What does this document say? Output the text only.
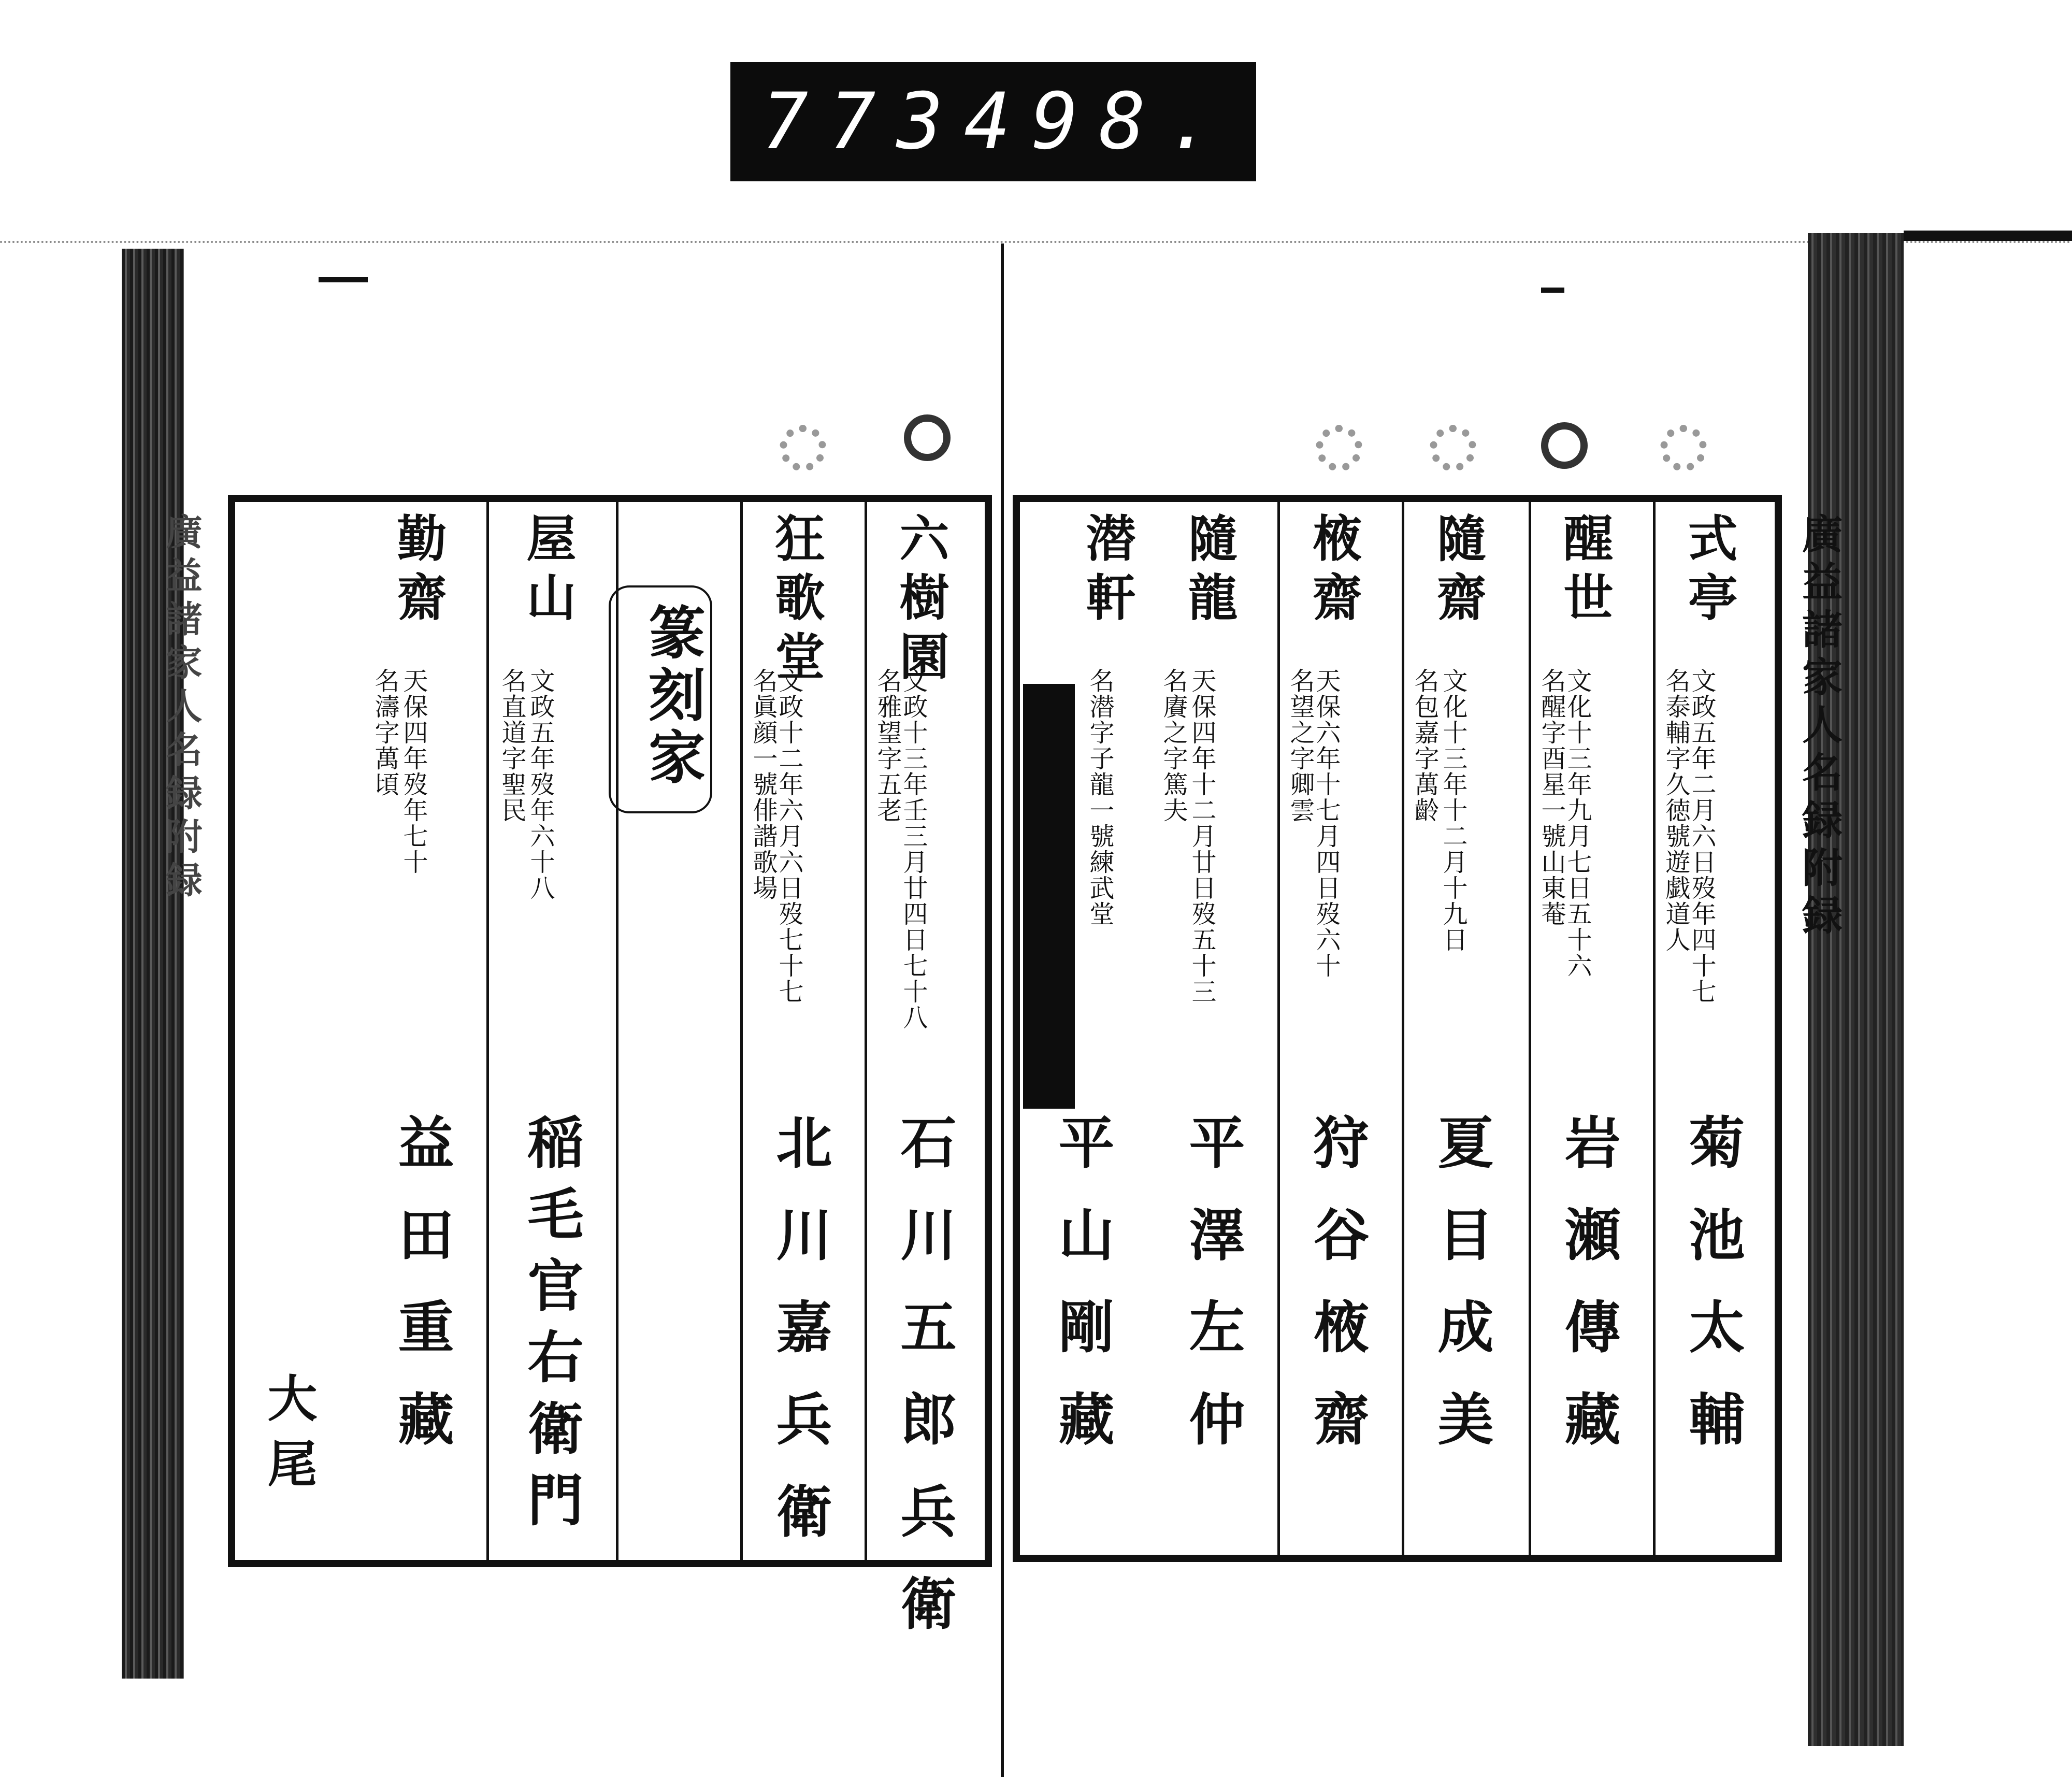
773 498.
廣益諸家人名録附録
廣益諸家人名録附録	六樹園
名雅望字五老
文政十三年壬三月廿四日七十八
石川五郎兵衛
狂歌堂
名眞顔一號俳諧歌場
文政十二年六月六日歿七十七
北川嘉兵衛
屋山
名直道字聖民 文政五年歿年六十八
稲毛官右衛門
勤齋
名濤字萬頃 天保四年歿年七十
益田重藏
大尾
篆刻家
式亭
名泰輔字久徳號遊戯道人
文政五年二月六日歿年四十七
菊池太輔
醒世
名醒字酉星一號山東菴
文化十三年九月七日五十六
岩瀬傳藏
隨齋
名包嘉字萬齡 文化十三年十二月十九日
夏目成美
棭齋
名望之字卿雲
天保六年十七月四日歿六十
狩谷棭齋
隨龍
名賡之字篤夫 天保四年十二月廿日歿五十三
平澤左仲
潜軒
名潜字子龍一號練武堂
平山剛藏
